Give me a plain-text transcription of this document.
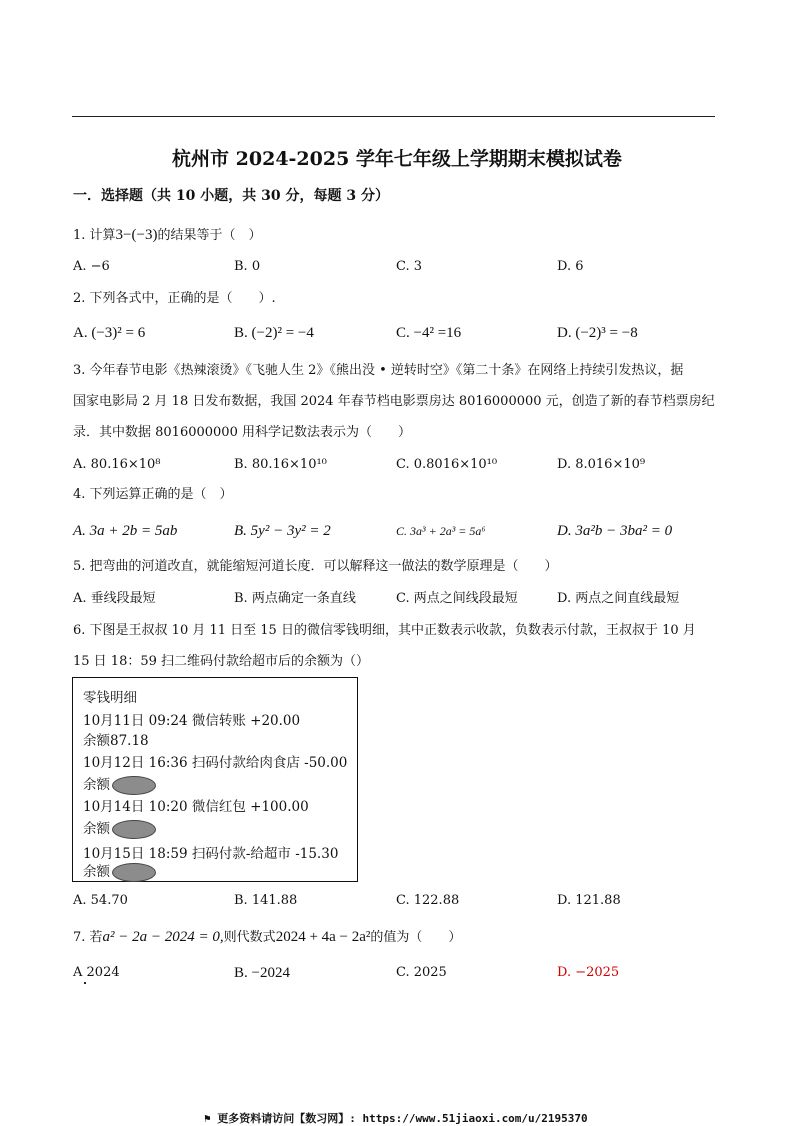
杭州市 2024-2025 学年七年级上学期期末模拟试卷
一．选择题（共 10 小题，共 30 分，每题 3 分）
1. 计算3−(−3)的结果等于（　）
A. −6	B. 0	C. 3	D. 6
2. 下列各式中，正确的是（　　）.
A. (−3)² = 6	B. (−2)² = −4	C. −4² =16	D. (−2)³ = −8
3. 今年春节电影《热辣滚烫》《飞驰人生 2》《熊出没 • 逆转时空》《第二十条》在网络上持续引发热议，据
国家电影局 2 月 18 日发布数据，我国 2024 年春节档电影票房达 8016000000 元，创造了新的春节档票房纪
录．其中数据 8016000000 用科学记数法表示为（　　）
A. 80.16×10⁸	B. 80.16×10¹⁰	C. 0.8016×10¹⁰	D. 8.016×10⁹
4. 下列运算正确的是（　）
A. 3a + 2b = 5ab	B. 5y² − 3y² = 2	C. 3a³ + 2a³ = 5a⁶	D. 3a²b − 3ba² = 0
5. 把弯曲的河道改直，就能缩短河道长度．可以解释这一做法的数学原理是（　　）
A. 垂线段最短	B. 两点确定一条直线	C. 两点之间线段最短	D. 两点之间直线最短
6. 下图是王叔叔 10 月 11 日至 15 日的微信零钱明细，其中正数表示收款，负数表示付款，王叔叔于 10 月
15 日 18：59 扫二维码付款给超市后的余额为（）
零钱明细
10月11日 09:24 微信转账 +20.00
余额87.18
10月12日 16:36 扫码付款给肉食店 -50.00
余额
10月14日 10:20 微信红包 +100.00
余额
10月15日 18:59 扫码付款-给超市 -15.30
余额
A. 54.70	B. 141.88	C. 122.88	D. 121.88
7. 若a² − 2a − 2024 = 0,则代数式2024 + 4a − 2a²的值为（　　）
A 2024	B. −2024	C. 2025	D. −2025
⚑ 更多资料请访问【数习网】: https://www.51jiaoxi.com/u/2195370
